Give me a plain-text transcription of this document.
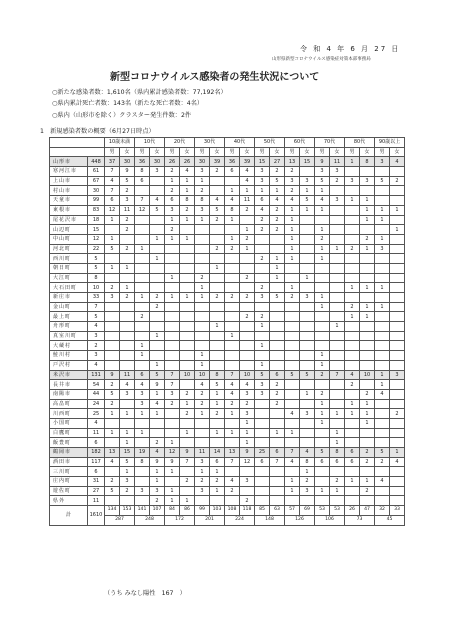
令 和 4 年 6 月 27 日
山形県新型コロナウイルス感染症対策本部事務局
新型コロナウイルス感染者の発生状況について
○新たな感染者数：1,610名（県内累計感染者数：77,192名）
○県内累計死亡者数：143名（新たな死亡者数：4名）
○県内（山形市を除く）クラスター発生件数：2件
1　新規感染者数の概要（6月27日時点）
		10歳未満		10代		20代		30代		40代		50代		60代		70代		80代		90歳以上	
		男	女	男	女	男	女	男	女	男	女	男	女	男	女	男	女	男	女	男	女
山形市	448	37	30	36	30	26	26	30	39	36	39	15	27	13	15	9	11	1	8	3	4
寒河江市	61	7	9	8	3	2	4	3	2	6	4	3	2	2		3	3				
上山市	67	4	5	6		1	1	1			4	3	5	3	3	5	2	3	3	5	2
村山市	30	7	2			2	1	2		1	1	1	1	2	1	1					
天童市	99	6	3	7	4	6	8	8	4	4	11	6	4	4	5	4	3	1	1		
東根市	83	12	11	12	5	3	2	3	5	8	2	4	2	1	1	1			1	1	1
尾花沢市	18	1	2			1	1	1	2	1		2	2	1					1	1	
山辺町	15		2			2					1	2	2	1		1					1
中山町	12	1			1	1	1			1	2			1		2			2	1	
河北町	22	5	2	1					2	2	1			1		1	1	2	1	3	
西川町	5				1							2	1	1		1					
朝日町	5	1	1						1				1								
大江町	8					1		2			2		1		1						
大石田町	10	2	1					1				2		1				1	1	1	
新庄市	33	3	2	1	2	1	1	1	2	2	2	3	5	2	3	1					
金山町	7				2											1		2	1	1	
最上町	5			2							2	2						1	1		
舟形町	4								1			1					1				
真室川町	3				1					1											
大蔵村	2			1								1									
鮭川村	3			1				1								1					
戸沢村	4				1			1				1				1					
米沢市	131	9	11	6	5	7	10	10	8	7	10	5	6	5	5	2	7	4	10	1	3
長井市	54	2	4	4	9	7		4	5	4	4	3	2					2		1	
南陽市	44	5	3	3	1	3	2	2	1	4	3	3	2		1	2			2	4	
高畠町	24	2		3	4	2	1	2	1	2	2		2			1		1	1		
川西町	25	1	1	1	1		2	1	2	1	3			4	3	1	1	1	1		2
小国町	4										1					1			1		
白鷹町	11	1	1	1			1		1	1	1		1	1			1				
飯豊町	6		1		2	1					1						1				
鶴岡市	182	13	15	19	4	12	9	11	14	13	9	25	6	7	4	5	8	6	2	5	1
酒田市	117	4	5	8	9	9	7	3	6	7	12	6	7	4	8	6	6	6	2	2	4
三川町	6		1		1	1		1	1						1						
庄内町	31	2	3		1		2	2	2	4	3			1	2		2	1	1	4	
遊佐町	27	5	2	3	3	1		3	1	2				1	3	1	1		2		
県外	11				2	1	1				2										
計	1610	134	153	141	107	84	86	99	103	108	118	85	63	57	69	53	53	26	47	32	33
		287		248		172		201		224		148		126		106		73		45	
（うち みなし陽性　167　）
